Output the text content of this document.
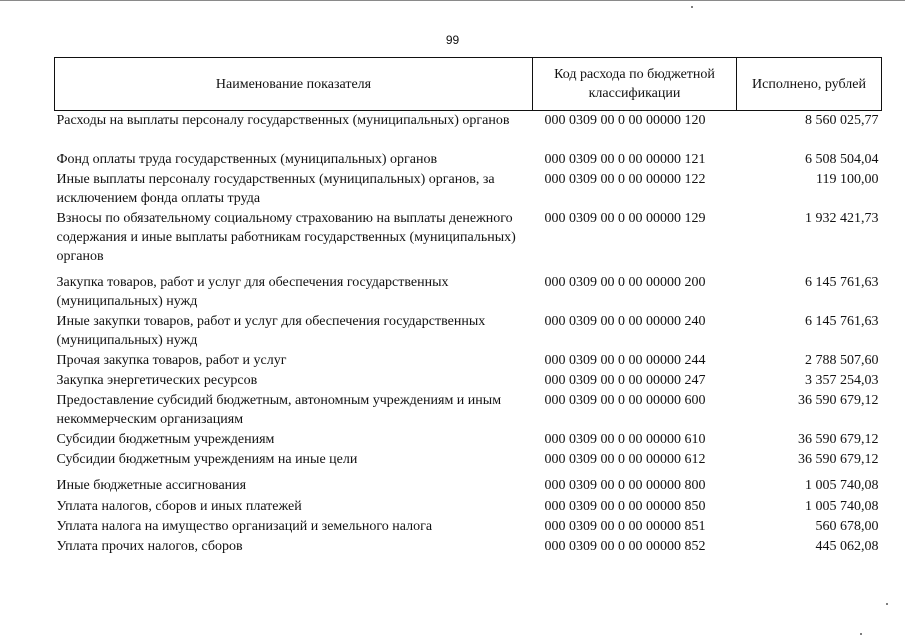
99
Наименование показателя	Код расхода по бюджетной классификации	Исполнено, рублей
Расходы на выплаты персоналу государственных (муниципальных) органов	000 0309 00 0 00 00000 120	8 560 025,77
Фонд оплаты труда государственных (муниципальных) органов	000 0309 00 0 00 00000 121	6 508 504,04
Иные выплаты персоналу государственных (муниципальных) органов, за исключением фонда оплаты труда	000 0309 00 0 00 00000 122	119 100,00
Взносы по обязательному социальному страхованию на выплаты денежного содержания и иные выплаты работникам государственных (муниципальных) органов	000 0309 00 0 00 00000 129	1 932 421,73
Закупка товаров, работ и услуг для обеспечения государственных (муниципальных) нужд	000 0309 00 0 00 00000 200	6 145 761,63
Иные закупки товаров, работ и услуг для обеспечения государственных (муниципальных) нужд	000 0309 00 0 00 00000 240	6 145 761,63
Прочая закупка товаров, работ и услуг	000 0309 00 0 00 00000 244	2 788 507,60
Закупка энергетических ресурсов	000 0309 00 0 00 00000 247	3 357 254,03
Предоставление субсидий бюджетным, автономным учреждениям и иным некоммерческим организациям	000 0309 00 0 00 00000 600	36 590 679,12
Субсидии бюджетным учреждениям	000 0309 00 0 00 00000 610	36 590 679,12
Субсидии бюджетным учреждениям на иные цели	000 0309 00 0 00 00000 612	36 590 679,12
Иные бюджетные ассигнования	000 0309 00 0 00 00000 800	1 005 740,08
Уплата налогов, сборов и иных платежей	000 0309 00 0 00 00000 850	1 005 740,08
Уплата налога на имущество организаций и земельного налога	000 0309 00 0 00 00000 851	560 678,00
Уплата прочих налогов, сборов	000 0309 00 0 00 00000 852	445 062,08
